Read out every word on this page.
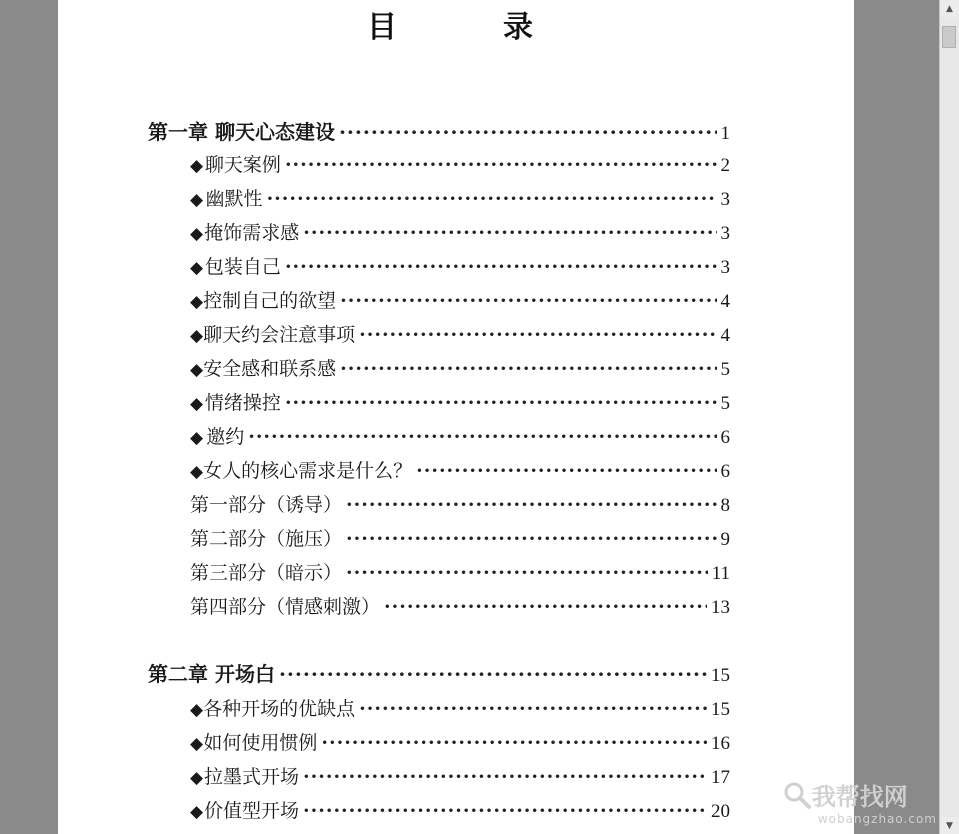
目　录
第一章 聊天心态建设 ·····	1
◆ 聊天案例 ·····	2
◆ 幽默性 ·····	3
◆ 掩饰需求感 ·····	3
◆ 包装自己 ·····	3
◆ 控制自己的欲望 ·····	4
◆ 聊天约会注意事项 ·····	4
◆ 安全感和联系感 ·····	5
◆ 情绪操控 ·····	5
◆ 邀约 ·····	6
◆ 女人的核心需求是什么？ ·····	6
第一部分（诱导） ·····	8
第二部分（施压） ·····	9
第三部分（暗示） ·····	11
第四部分（情感刺激） ·····	13
第二章 开场白 ·····	15
◆ 各种开场的优缺点 ·····	15
◆ 如何使用惯例 ·····	16
◆ 拉墨式开场 ·····	17
◆ 价值型开场 ·····	20
▲
▼
我帮找网
wobangzhao.com
